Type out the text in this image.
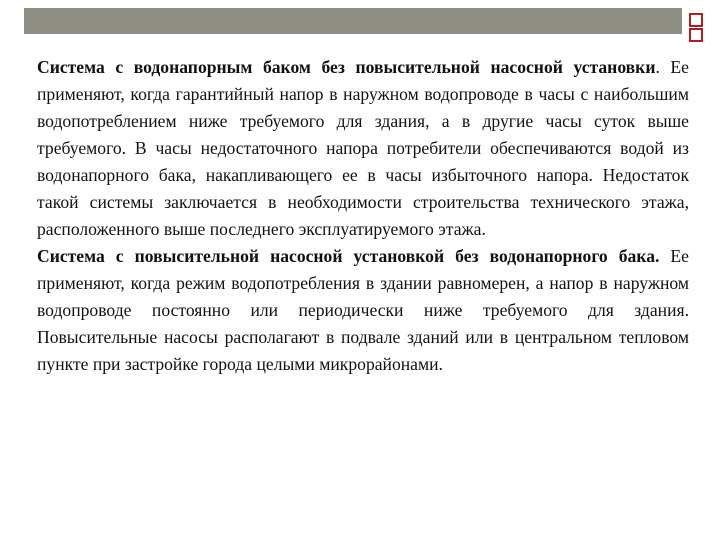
Система с водонапорным баком без повысительной насосной установки. Ее применяют, когда гарантийный напор в наружном водопроводе в часы с наибольшим водопотреблением ниже требуемого для здания, а в другие часы суток выше требуемого. В часы недостаточного напора потребители обеспечиваются водой из водонапорного бака, накапливающего ее в часы избыточного напора. Недостаток такой системы заключается в необходимости строительства технического этажа, расположенного выше последнего эксплуатируемого этажа.

Система с повысительной насосной установкой без водонапорного бака. Ее применяют, когда режим водопотребления в здании равномерен, а напор в наружном водопроводе постоянно или периодически ниже требуемого для здания. Повысительные насосы располагают в подвале зданий или в центральном тепловом пункте при застройке города целыми микрорайонами.
